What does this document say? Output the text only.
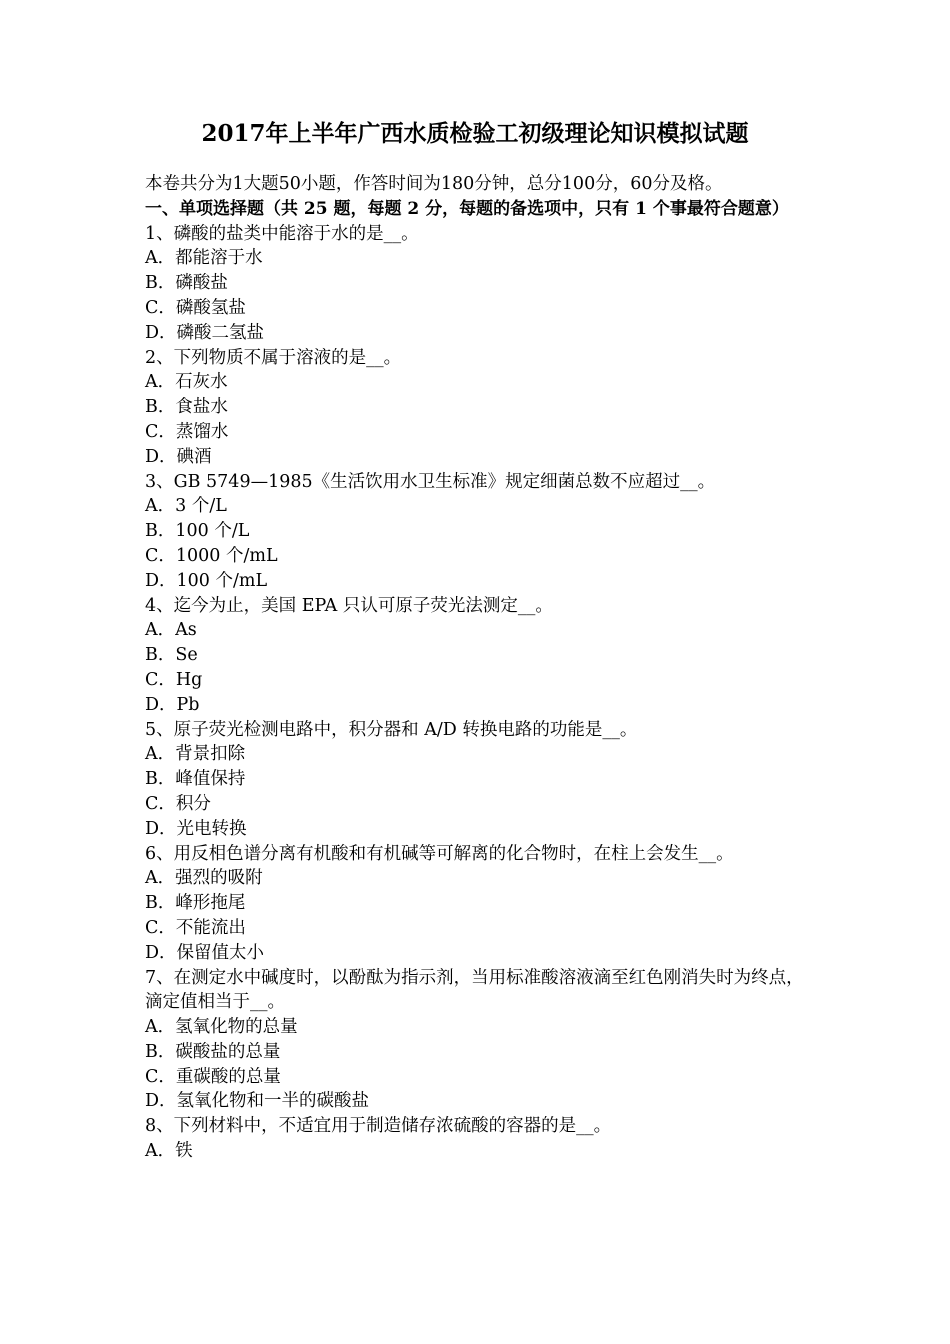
2017年上半年广西水质检验工初级理论知识模拟试题
本卷共分为1大题50小题，作答时间为180分钟，总分100分，60分及格。
一、单项选择题（共 25 题，每题 2 分，每题的备选项中，只有 1 个事最符合题意）
1、磷酸的盐类中能溶于水的是__。
A．都能溶于水
B．磷酸盐
C．磷酸氢盐
D．磷酸二氢盐
2、下列物质不属于溶液的是__。
A．石灰水
B．食盐水
C．蒸馏水
D．碘酒
3、GB 5749—1985《生活饮用水卫生标准》规定细菌总数不应超过__。
A．3 个/L
B．100 个/L
C．1000 个/mL
D．100 个/mL
4、迄今为止，美国 EPA 只认可原子荧光法测定__。
A．As
B．Se
C．Hg
D．Pb
5、原子荧光检测电路中，积分器和 A/D 转换电路的功能是__。
A．背景扣除
B．峰值保持
C．积分
D．光电转换
6、用反相色谱分离有机酸和有机碱等可解离的化合物时，在柱上会发生__。
A．强烈的吸附
B．峰形拖尾
C．不能流出
D．保留值太小
7、在测定水中碱度时，以酚酞为指示剂，当用标准酸溶液滴至红色刚消失时为终点，滴定值相当于__。
A．氢氧化物的总量
B．碳酸盐的总量
C．重碳酸的总量
D．氢氧化物和一半的碳酸盐
8、下列材料中，不适宜用于制造储存浓硫酸的容器的是__。
A．铁
